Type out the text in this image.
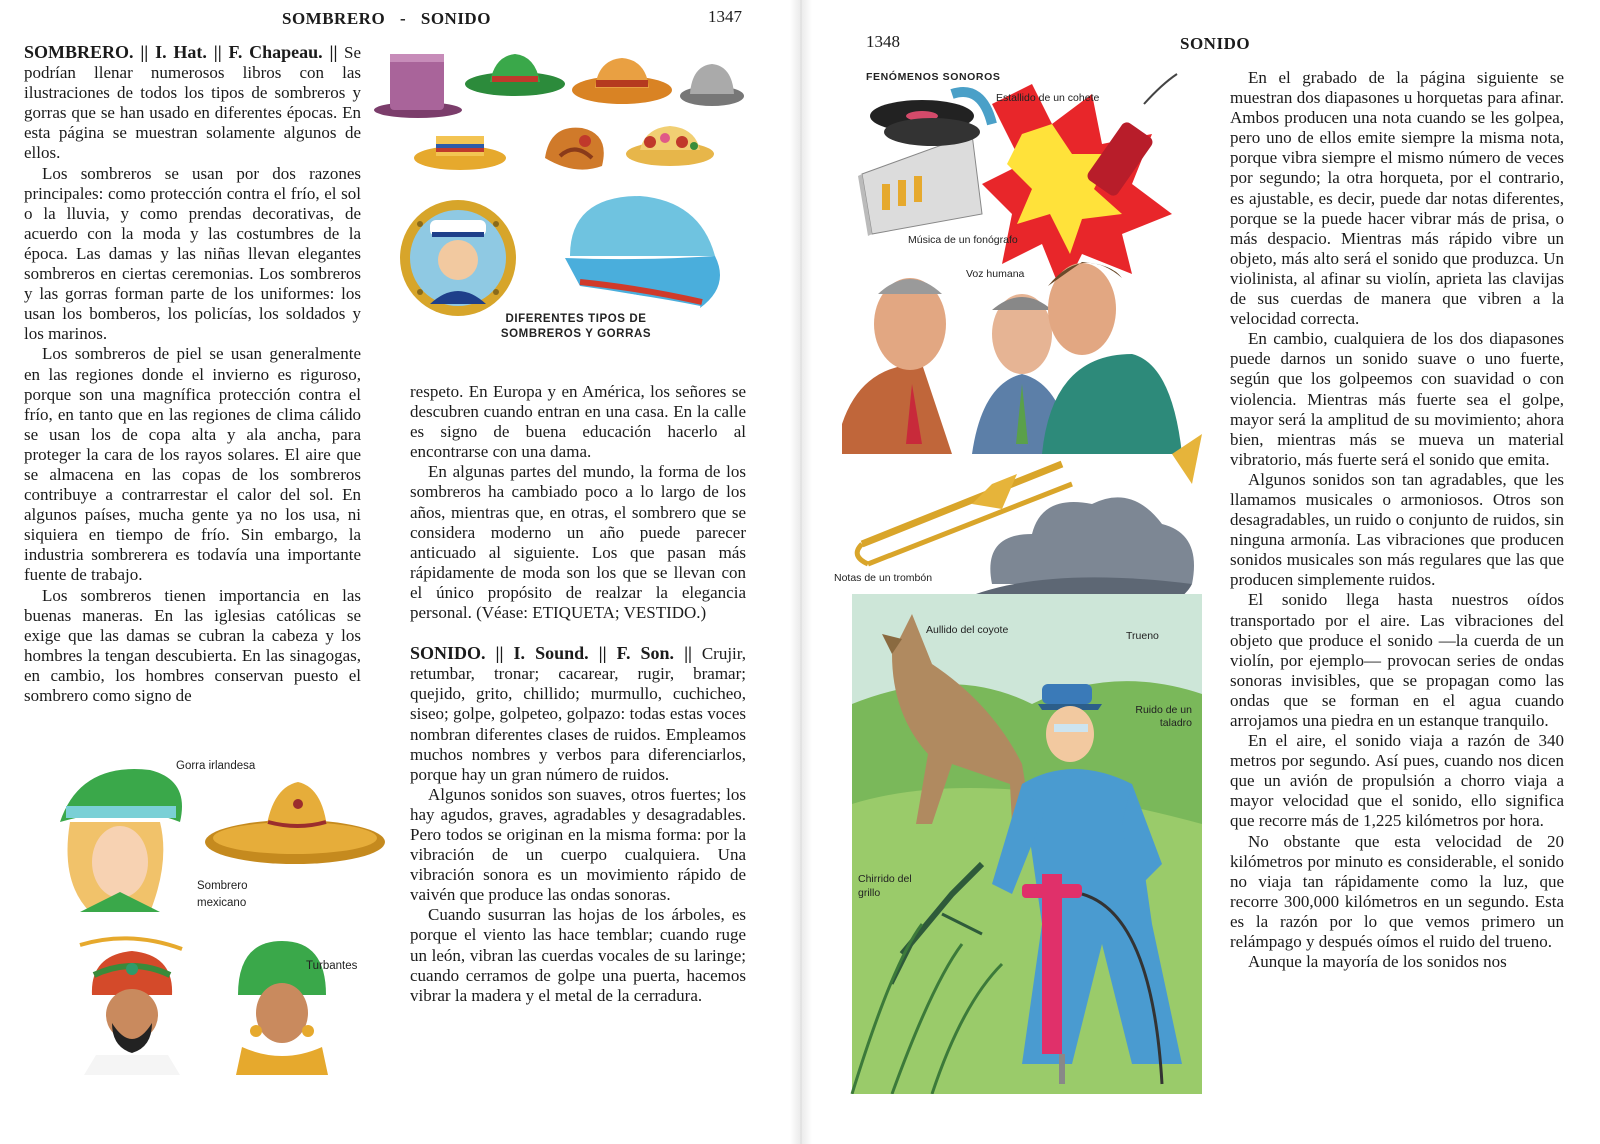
SOMBRERO - SONIDO	1347

SOMBRERO. || I. Hat. || F. Chapeau. || Se podrían llenar numerosos libros con las ilustraciones de todos los tipos de sombreros y gorras que se han usado en diferentes épocas. En esta página se muestran solamente algunos de ellos.

Los sombreros se usan por dos razones principales: como protección contra el frío, el sol o la lluvia, y como prendas decorativas, de acuerdo con la moda y las costumbres de la época. Las damas y las niñas llevan elegantes sombreros en ciertas ceremonias. Los sombreros y las gorras forman parte de los uniformes: los usan los bomberos, los policías, los soldados y los marinos.

Los sombreros de piel se usan generalmente en las regiones donde el invierno es riguroso, porque son una magnífica protección contra el frío, en tanto que en las regiones de clima cálido se usan los de copa alta y ala ancha, para proteger la cara de los rayos solares. El aire que se almacena en las copas de los sombreros contribuye a contrarrestar el calor del sol. En algunos países, mucha gente ya no los usa, ni siquiera en tiempo de frío. Sin embargo, la industria sombrerera es todavía una importante fuente de trabajo.

Los sombreros tienen importancia en las buenas maneras. En las iglesias católicas se exige que las damas se cubran la cabeza y los hombres la tengan descubierta. En las sinagogas, en cambio, los hombres conservan puesto el sombrero como signo de

respeto. En Europa y en América, los señores se descubren cuando entran en una casa. En la calle es signo de buena educación hacerlo al encontrarse con una dama.

En algunas partes del mundo, la forma de los sombreros ha cambiado poco a lo largo de los años, mientras que, en otras, el sombrero que se considera moderno un año puede parecer anticuado al siguiente. Los que pasan más rápidamente de moda son los que se llevan con el único propósito de realzar la elegancia personal. (Véase: ETIQUETA; VESTIDO.)

SONIDO. || I. Sound. || F. Son. || Crujir, retumbar, tronar; cacarear, rugir, bramar; quejido, grito, chillido; murmullo, cuchicheo, siseo; golpe, golpeteo, golpazo: todas estas voces nombran diferentes clases de ruidos. Empleamos muchos nombres y verbos para diferenciarlos, porque hay un gran número de ruidos.

Algunos sonidos son suaves, otros fuertes; los hay agudos, graves, agradables y desagradables. Pero todos se originan en la misma forma: por la vibración de un cuerpo cualquiera. Una vibración sonora es un movimiento rápido de vaivén que produce las ondas sonoras.

Cuando susurran las hojas de los árboles, es porque el viento las hace temblar; cuando ruge un león, vibran las cuerdas vocales de su laringe; cuando cerramos de golpe una puerta, hacemos vibrar la madera y el metal de la cerradura.

DIFERENTES TIPOS DE SOMBREROS Y GORRAS
Gorra irlandesa
Sombrero mexicano
Turbantes
1348	SONIDO
FENÓMENOS SONOROS
Estallido de un cohete
Música de un fonógrafo
Voz humana
Notas de un trombón
Aullido del coyote	Trueno
Ruido de un taladro
Chirrido del grillo

En el grabado de la página siguiente se muestran dos diapasones u horquetas para afinar. Ambos producen una nota cuando se les golpea, pero uno de ellos emite siempre la misma nota, porque vibra siempre el mismo número de veces por segundo; la otra horqueta, por el contrario, es ajustable, es decir, puede dar notas diferentes, porque se la puede hacer vibrar más de prisa, o más despacio. Mientras más rápido vibre un objeto, más alto será el sonido que produzca. Un violinista, al afinar su violín, aprieta las clavijas de sus cuerdas de manera que vibren a la velocidad correcta.

En cambio, cualquiera de los dos diapasones puede darnos un sonido suave o uno fuerte, según que los golpeemos con suavidad o con violencia. Mientras más fuerte sea el golpe, mayor será la amplitud de su movimiento; ahora bien, mientras más se mueva un material vibratorio, más fuerte será el sonido que emita.

Algunos sonidos son tan agradables, que les llamamos musicales o armoniosos. Otros son desagradables, un ruido o conjunto de ruidos, sin ninguna armonía. Las vibraciones que producen sonidos musicales son más regulares que las que producen simplemente ruidos.

El sonido llega hasta nuestros oídos transportado por el aire. Las vibraciones del objeto que produce el sonido —la cuerda de un violín, por ejemplo— provocan series de ondas sonoras invisibles, que se propagan como las ondas que se forman en el agua cuando arrojamos una piedra en un estanque tranquilo.

En el aire, el sonido viaja a razón de 340 metros por segundo. Así pues, cuando nos dicen que un avión de propulsión a chorro viaja a mayor velocidad que el sonido, ello significa que recorre más de 1,225 kilómetros por hora.

No obstante que esta velocidad de 20 kilómetros por minuto es considerable, el sonido no viaja tan rápidamente como la luz, que recorre 300,000 kilómetros en un segundo. Esta es la razón por lo que vemos primero un relámpago y después oímos el ruido del trueno.

Aunque la mayoría de los sonidos nos
